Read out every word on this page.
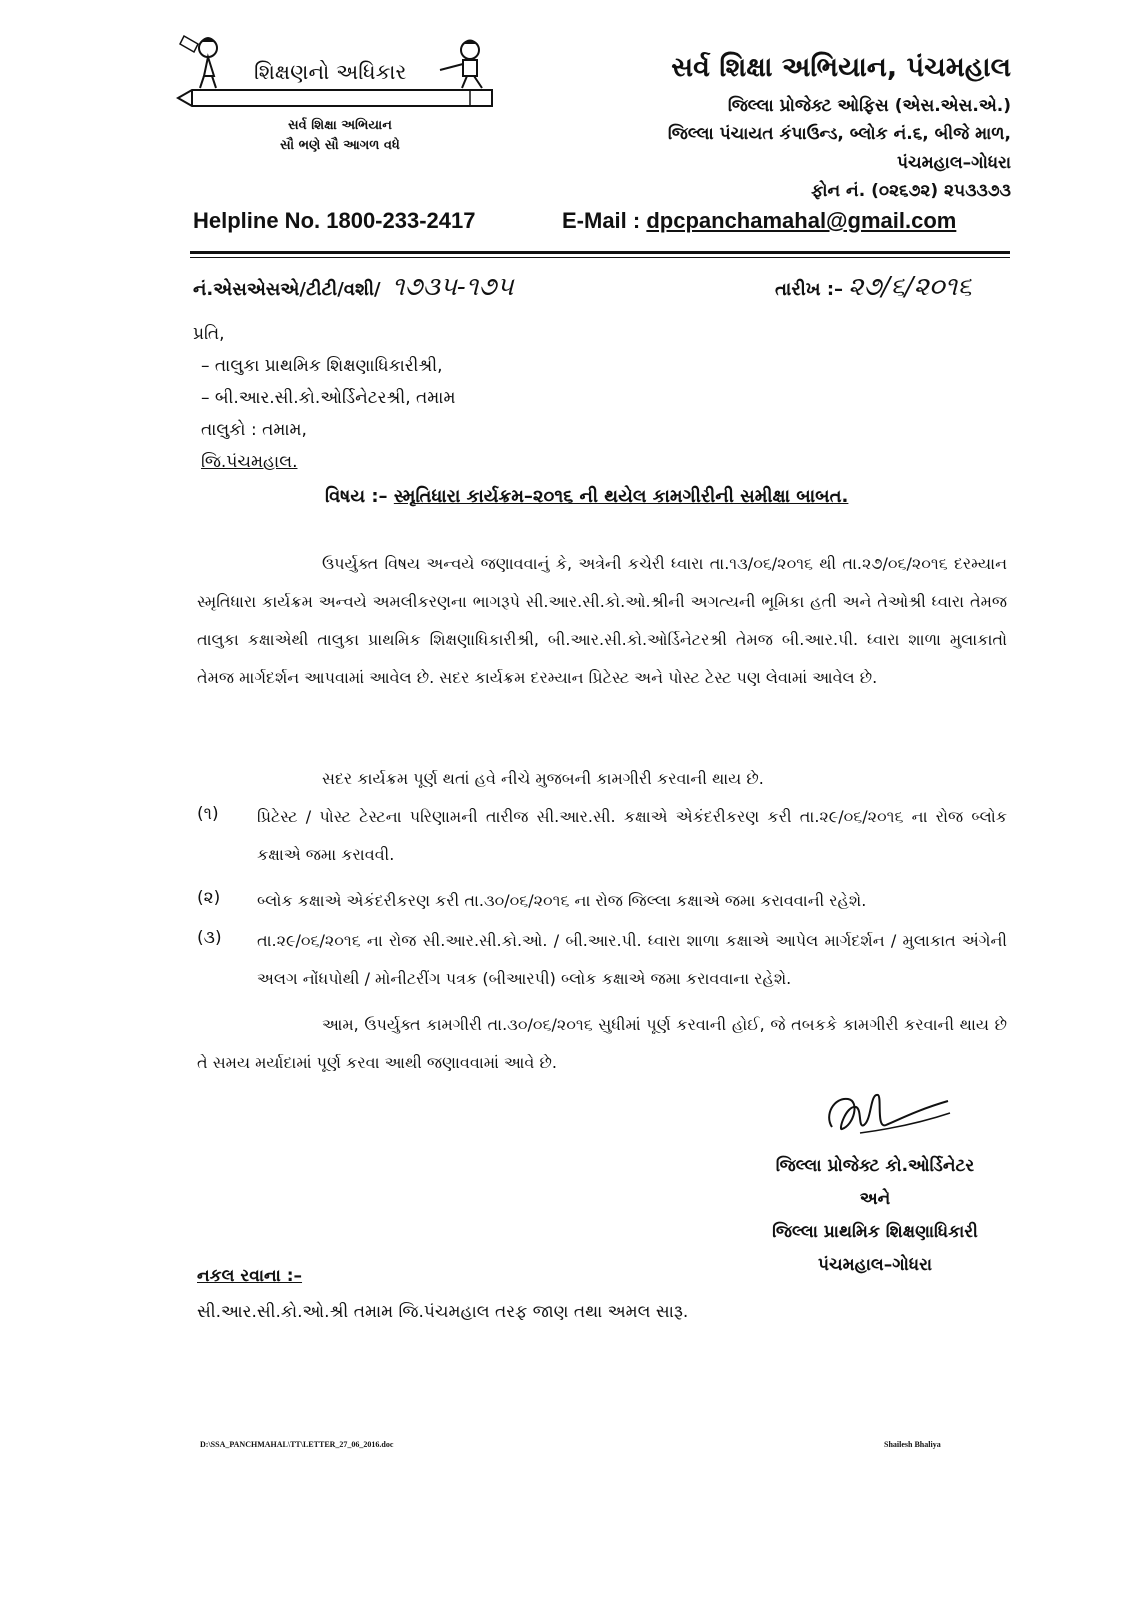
શિક્ષણનો અધિકાર
સર્વ શિક્ષા અભિયાન
સૌ ભણે સૌ આગળ વધે
સર્વ શિક્ષા અભિયાન, પંચમહાલ
જિલ્લા પ્રોજેક્ટ ઓફિસ (એસ.એસ.એ.)
જિલ્લા પંચાયત કંપાઉન્ડ, બ્લોક નં.૬, બીજે માળ,
પંચમહાલ–ગોધરા
ફોન નં. (૦૨૬૭૨) ૨૫૩૩૭૩
Helpline No. 1800-233-2417	E-Mail : dpcpanchamahal@gmail.com
નં.એસએસએ/ટીટી/વશી/ ૧૭૩૫-૧૭૫	તારીખ :– ૨૭/૬/૨૦૧૬
પ્રતિ,
– તાલુકા પ્રાથમિક શિક્ષણાધિકારીશ્રી,
– બી.આર.સી.કો.ઓર્ડિનેટરશ્રી, તમામ
તાલુકો : તમામ,
જિ.પંચમહાલ.
વિષય :– સ્મૃતિધારા કાર્યક્રમ–૨૦૧૬ ની થયેલ કામગીરીની સમીક્ષા બાબત.
ઉપર્યુક્ત વિષય અન્વયે જણાવવાનું કે, અત્રેની કચેરી ધ્વારા તા.૧૩/૦૬/૨૦૧૬ થી તા.૨૭/૦૬/૨૦૧૬ દરમ્યાન સ્મૃતિધારા કાર્યક્રમ અન્વયે અમલીકરણના ભાગરૂપે સી.આર.સી.કો.ઓ.શ્રીની અગત્યની ભૂમિકા હતી અને તેઓશ્રી ધ્વારા તેમજ તાલુકા કક્ષાએથી તાલુકા પ્રાથમિક શિક્ષણાધિકારીશ્રી, બી.આર.સી.કો.ઓર્ડિનેટરશ્રી તેમજ બી.આર.પી. ધ્વારા શાળા મુલાકાતો તેમજ માર્ગદર્શન આપવામાં આવેલ છે. સદર કાર્યક્રમ દરમ્યાન પ્રિટેસ્ટ અને પોસ્ટ ટેસ્ટ પણ લેવામાં આવેલ છે.
સદર કાર્યક્રમ પૂર્ણ થતાં હવે નીચે મુજબની કામગીરી કરવાની થાય છે.
(૧) પ્રિટેસ્ટ / પોસ્ટ ટેસ્ટના પરિણામની તારીજ સી.આર.સી. કક્ષાએ એકંદરીકરણ કરી તા.૨૯/૦૬/૨૦૧૬ ના રોજ બ્લોક કક્ષાએ જમા કરાવવી.
(૨) બ્લોક કક્ષાએ એકંદરીકરણ કરી તા.૩૦/૦૬/૨૦૧૬ ના રોજ જિલ્લા કક્ષાએ જમા કરાવવાની રહેશે.
(૩) તા.૨૯/૦૬/૨૦૧૬ ના રોજ સી.આર.સી.કો.ઓ. / બી.આર.પી. ધ્વારા શાળા કક્ષાએ આપેલ માર્ગદર્શન / મુલાકાત અંગેની અલગ નોંધપોથી / મોનીટરીંગ પત્રક (બીઆરપી) બ્લોક કક્ષાએ જમા કરાવવાના રહેશે.
આમ, ઉપર્યુક્ત કામગીરી તા.૩૦/૦૬/૨૦૧૬ સુધીમાં પૂર્ણ કરવાની હોઈ, જે તબકકે કામગીરી કરવાની થાય છે તે સમય મર્યાદામાં પૂર્ણ કરવા આથી જણાવવામાં આવે છે.
જિલ્લા પ્રોજેક્ટ કો.ઓર્ડિનેટર
અને
જિલ્લા પ્રાથમિક શિક્ષણાધિકારી
પંચમહાલ–ગોધરા
નકલ રવાના :–
સી.આર.સી.કો.ઓ.શ્રી તમામ જિ.પંચમહાલ તરફ જાણ તથા અમલ સારૂ.
D:\SSA_PANCHMAHAL\TT\LETTER_27_06_2016.doc	Shailesh Bhaliya
